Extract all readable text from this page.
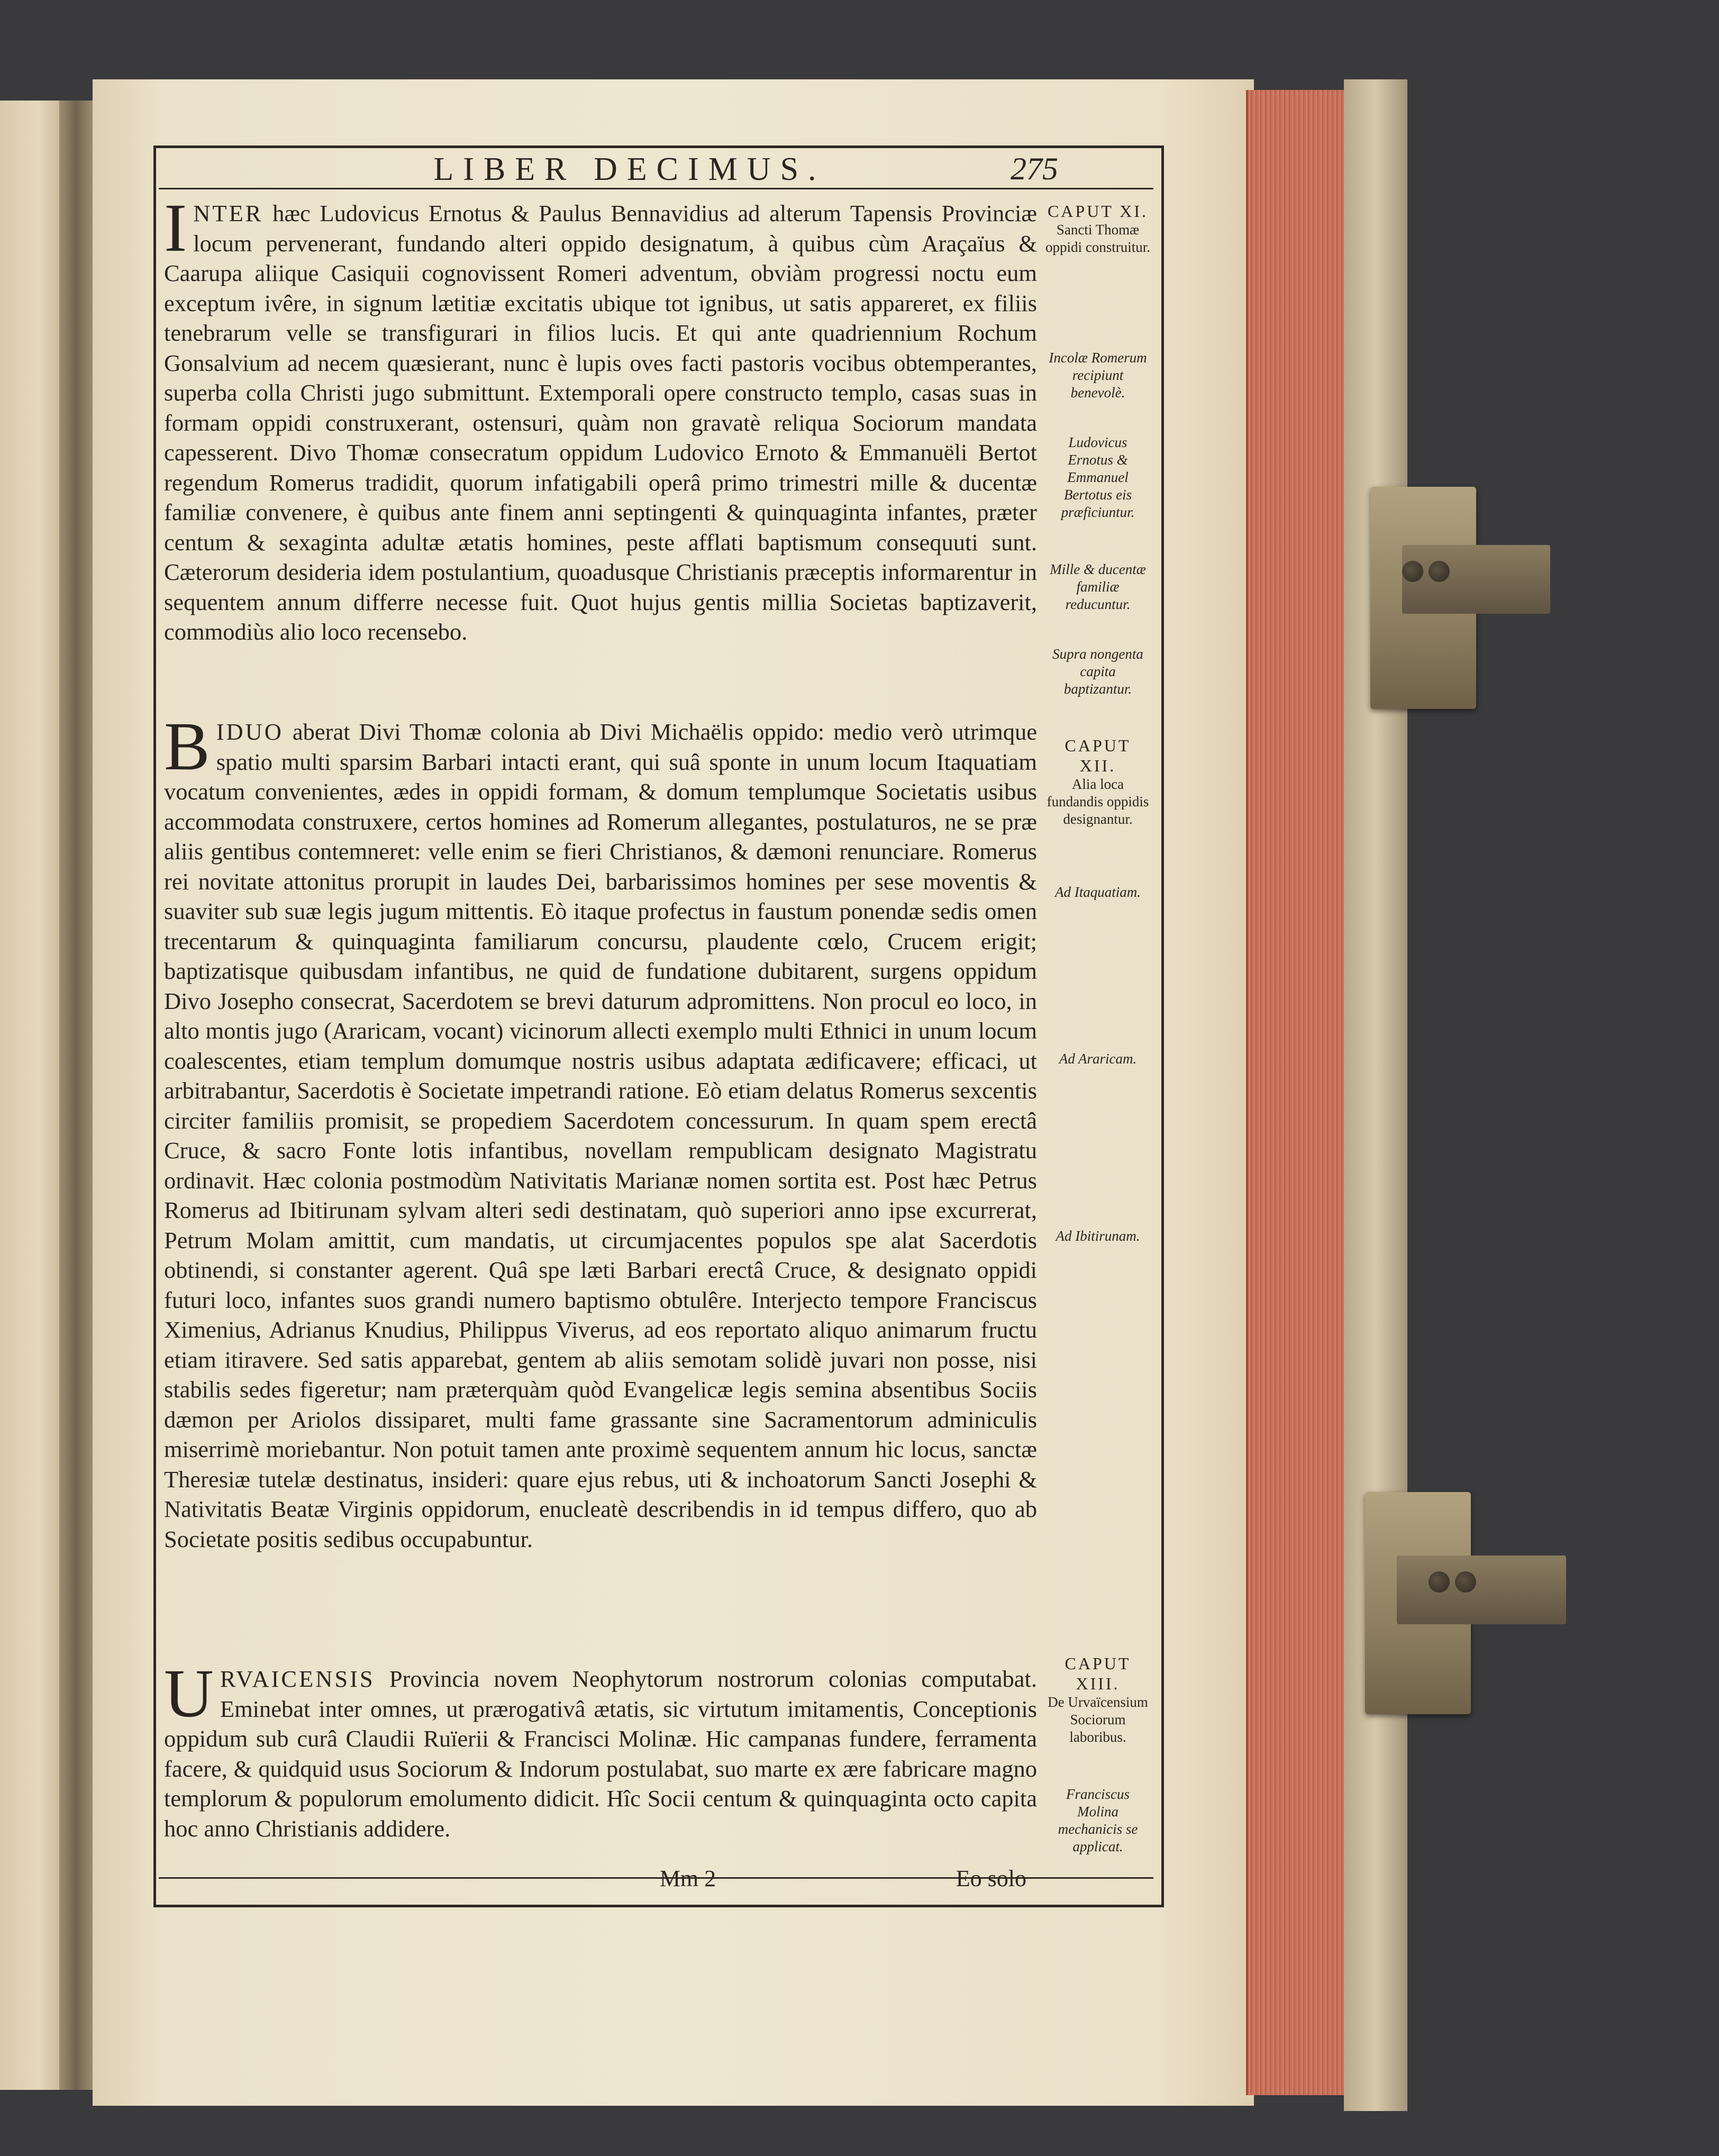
LIBER DECIMUS.	275
INTER hæc Ludovicus Ernotus & Paulus Bennavidius ad alterum Tapensis Provinciæ locum pervenerant, fundando alteri oppido designatum, à quibus cùm Araçaïus & Caarupa aliique Casiquii cognovissent Romeri adventum, obviàm progressi noctu eum exceptum ivêre, in signum lætitiæ excitatis ubique tot ignibus, ut satis appareret, ex filiis tenebrarum velle se transfigurari in filios lucis. Et qui ante quadriennium Rochum Gonsalvium ad necem quæsierant, nunc è lupis oves facti pastoris vocibus obtemperantes, superba colla Christi jugo submittunt. Extemporali opere constructo templo, casas suas in formam oppidi construxerant, ostensuri, quàm non gravatè reliqua Sociorum mandata capesserent. Divo Thomæ consecratum oppidum Ludovico Ernoto & Emmanuëli Bertot regendum Romerus tradidit, quorum infatigabili operâ primo trimestri mille & ducentæ familiæ convenere, è quibus ante finem anni septingenti & quinquaginta infantes, præter centum & sexaginta adultæ ætatis homines, peste afflati baptismum consequuti sunt. Cæterorum desideria idem postulantium, quoadusque Christianis præceptis informarentur in sequentem annum differre necesse fuit. Quot hujus gentis millia Societas baptizaverit, commodiùs alio loco recensebo.
BIDUO aberat Divi Thomæ colonia ab Divi Michaëlis oppido: medio verò utrimque spatio multi sparsim Barbari intacti erant, qui suâ sponte in unum locum Itaquatiam vocatum convenientes, ædes in oppidi formam, & domum templumque Societatis usibus accommodata construxere, certos homines ad Romerum allegantes, postulaturos, ne se præ aliis gentibus contemneret: velle enim se fieri Christianos, & dæmoni renunciare. Romerus rei novitate attonitus prorupit in laudes Dei, barbarissimos homines per sese moventis & suaviter sub suæ legis jugum mittentis. Eò itaque profectus in faustum ponendæ sedis omen trecentarum & quinquaginta familiarum concursu, plaudente cœlo, Crucem erigit; baptizatisque quibusdam infantibus, ne quid de fundatione dubitarent, surgens oppidum Divo Josepho consecrat, Sacerdotem se brevi daturum adpromittens. Non procul eo loco, in alto montis jugo (Araricam, vocant) vicinorum allecti exemplo multi Ethnici in unum locum coalescentes, etiam templum domumque nostris usibus adaptata ædificavere; efficaci, ut arbitrabantur, Sacerdotis è Societate impetrandi ratione. Eò etiam delatus Romerus sexcentis circiter familiis promisit, se propediem Sacerdotem concessurum. In quam spem erectâ Cruce, & sacro Fonte lotis infantibus, novellam rempublicam designato Magistratu ordinavit. Hæc colonia postmodùm Nativitatis Marianæ nomen sortita est. Post hæc Petrus Romerus ad Ibitirunam sylvam alteri sedi destinatam, quò superiori anno ipse excurrerat, Petrum Molam amittit, cum mandatis, ut circumjacentes populos spe alat Sacerdotis obtinendi, si constanter agerent. Quâ spe læti Barbari erectâ Cruce, & designato oppidi futuri loco, infantes suos grandi numero baptismo obtulêre. Interjecto tempore Franciscus Ximenius, Adrianus Knudius, Philippus Viverus, ad eos reportato aliquo animarum fructu etiam itiravere. Sed satis apparebat, gentem ab aliis semotam solidè juvari non posse, nisi stabilis sedes figeretur; nam præterquàm quòd Evangelicæ legis semina absentibus Sociis dæmon per Ariolos dissiparet, multi fame grassante sine Sacramentorum adminiculis miserrimè moriebantur. Non potuit tamen ante proximè sequentem annum hic locus, sanctæ Theresiæ tutelæ destinatus, insideri: quare ejus rebus, uti & inchoatorum Sancti Josephi & Nativitatis Beatæ Virginis oppidorum, enucleatè describendis in id tempus differo, quo ab Societate positis sedibus occupabuntur.
URVAICENSIS Provincia novem Neophytorum nostrorum colonias computabat. Eminebat inter omnes, ut prærogativâ ætatis, sic virtutum imitamentis, Conceptionis oppidum sub curâ Claudii Ruïerii & Francisci Molinæ. Hic campanas fundere, ferramenta facere, & quidquid usus Sociorum & Indorum postulabat, suo marte ex ære fabricare magno templorum & populorum emolumento didicit. Hîc Socii centum & quinquaginta octo capita hoc anno Christianis addidere.
CAPUT XI.
Sancti Thomæ oppidi construitur.
Incolæ Romerum recipiunt benevolè.
Ludovicus Ernotus & Emmanuel Bertotus eis præficiuntur.
Mille & ducentæ familiæ reducuntur.
Supra nongenta capita baptizantur.
CAPUT XII.
Alia loca fundandis oppidis designantur.
Ad Itaquatiam.
Ad Araricam.
Ad Ibitirunam.
CAPUT XIII.
De Urvaïcensium Sociorum laboribus.
Franciscus Molina mechanicis se applicat.
Mm 2	Eo solo
